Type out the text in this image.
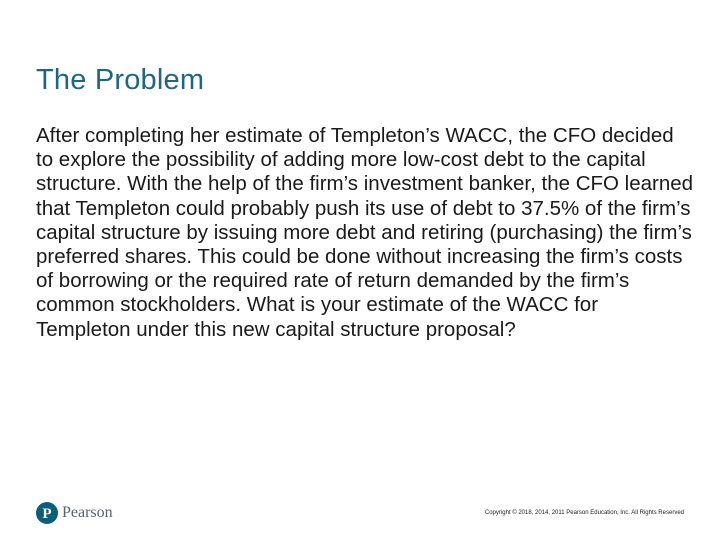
The Problem

After completing her estimate of Templeton’s WACC, the CFO decided to explore the possibility of adding more low-cost debt to the capital structure. With the help of the firm’s investment banker, the CFO learned that Templeton could probably push its use of debt to 37.5% of the firm’s capital structure by issuing more debt and retiring (purchasing) the firm’s preferred shares. This could be done without increasing the firm’s costs of borrowing or the required rate of return demanded by the firm’s common stockholders. What is your estimate of the WACC for Templeton under this new capital structure proposal?

P Pearson	Copyright © 2018, 2014, 2011 Pearson Education, Inc. All Rights Reserved
